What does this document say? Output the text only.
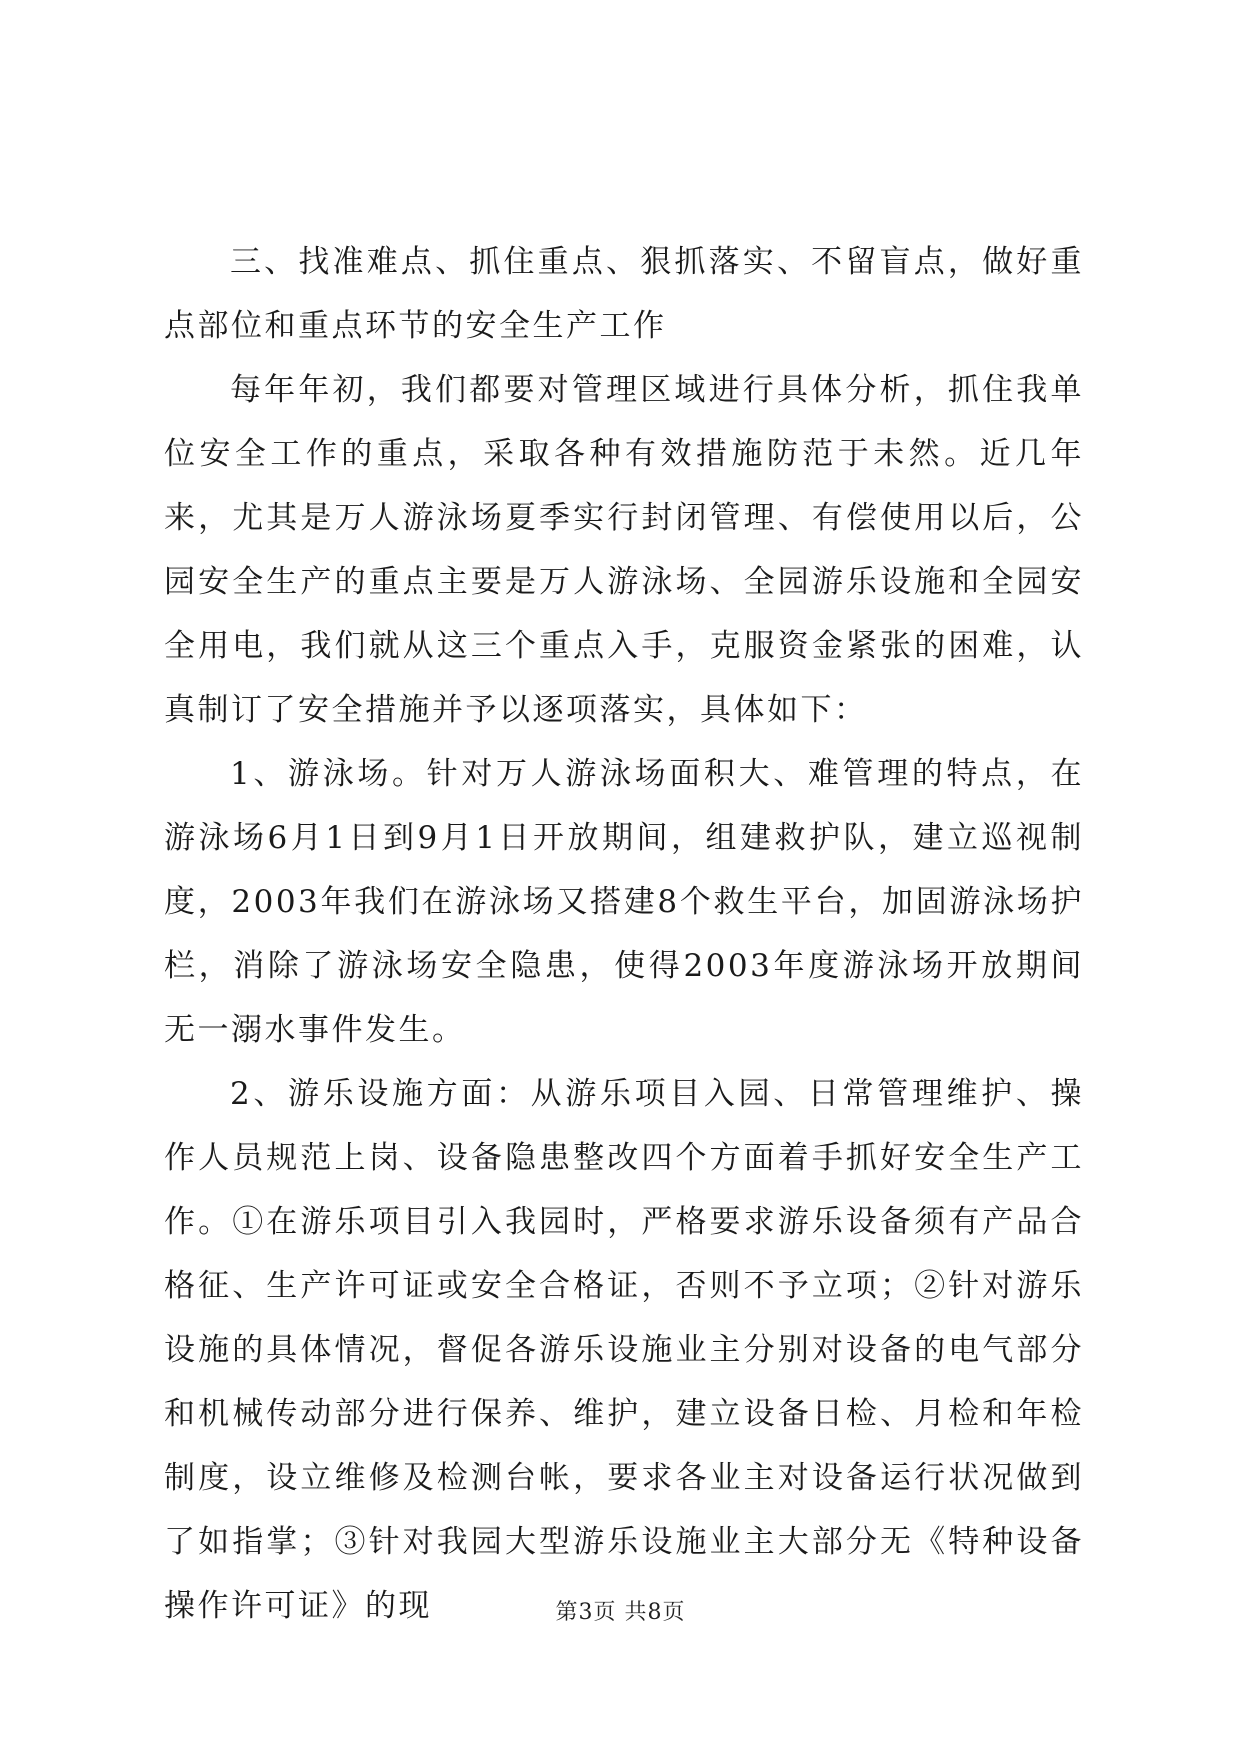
三、找准难点、抓住重点、狠抓落实、不留盲点，做好重点部位和重点环节的安全生产工作

每年年初，我们都要对管理区域进行具体分析，抓住我单位安全工作的重点，采取各种有效措施防范于未然。近几年来，尤其是万人游泳场夏季实行封闭管理、有偿使用以后，公园安全生产的重点主要是万人游泳场、全园游乐设施和全园安全用电，我们就从这三个重点入手，克服资金紧张的困难，认真制订了安全措施并予以逐项落实，具体如下：

1、游泳场。针对万人游泳场面积大、难管理的特点，在游泳场6月1日到9月1日开放期间，组建救护队，建立巡视制度，2003年我们在游泳场又搭建8个救生平台，加固游泳场护栏，消除了游泳场安全隐患，使得2003年度游泳场开放期间无一溺水事件发生。

2、游乐设施方面：从游乐项目入园、日常管理维护、操作人员规范上岗、设备隐患整改四个方面着手抓好安全生产工作。①在游乐项目引入我园时，严格要求游乐设备须有产品合格征、生产许可证或安全合格证，否则不予立项；②针对游乐设施的具体情况，督促各游乐设施业主分别对设备的电气部分和机械传动部分进行保养、维护，建立设备日检、月检和年检制度，设立维修及检测台帐，要求各业主对设备运行状况做到了如指掌；③针对我园大型游乐设施业主大部分无《特种设备操作许可证》的现	第3页 共8页
